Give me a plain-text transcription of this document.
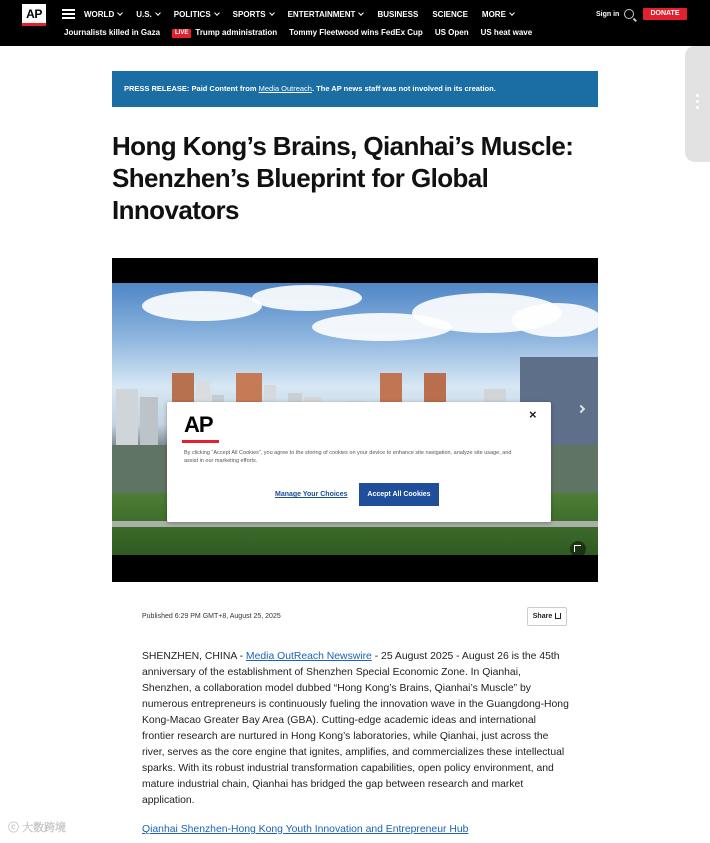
AP	WORLD	U.S.	POLITICS	SPORTS	ENTERTAINMENT	BUSINESS SCIENCE MORE	Sign in	DONATE
Journalists killed in Gaza	LIVE Trump administration Tommy Fleetwood wins FedEx Cup US Open US heat wave
PRESS RELEASE: Paid Content from Media Outreach. The AP news staff was not involved in its creation.
Hong Kong’s Brains, Qianhai’s Muscle: Shenzhen’s Blueprint for Global Innovators
AP	×

By clicking “Accept All Cookies”, you agree to the storing of cookies on your device to enhance site navigation, analyze site usage, and assist in our marketing efforts.

Manage Your Choices	Accept All Cookies
Published 6:29 PM GMT+8, August 25, 2025	Share

SHENZHEN, CHINA - Media OutReach Newswire - 25 August 2025 - August 26 is the 45th anniversary of the establishment of Shenzhen Special Economic Zone. In Qianhai, Shenzhen, a collaboration model dubbed “Hong Kong’s Brains, Qianhai’s Muscle” by numerous entrepreneurs is continuously fueling the innovation wave in the Guangdong-Hong Kong-Macao Greater Bay Area (GBA). Cutting-edge academic ideas and international frontier research are nurtured in Hong Kong’s laboratories, while Qianhai, just across the river, serves as the core engine that ignites, amplifies, and commercializes these intellectual sparks. With its robust industrial transformation capabilities, open policy environment, and mature industrial chain, Qianhai has bridged the gap between research and market application.

Qianhai Shenzhen-Hong Kong Youth Innovation and Entrepreneur Hub
ⓒ 大数跨境
